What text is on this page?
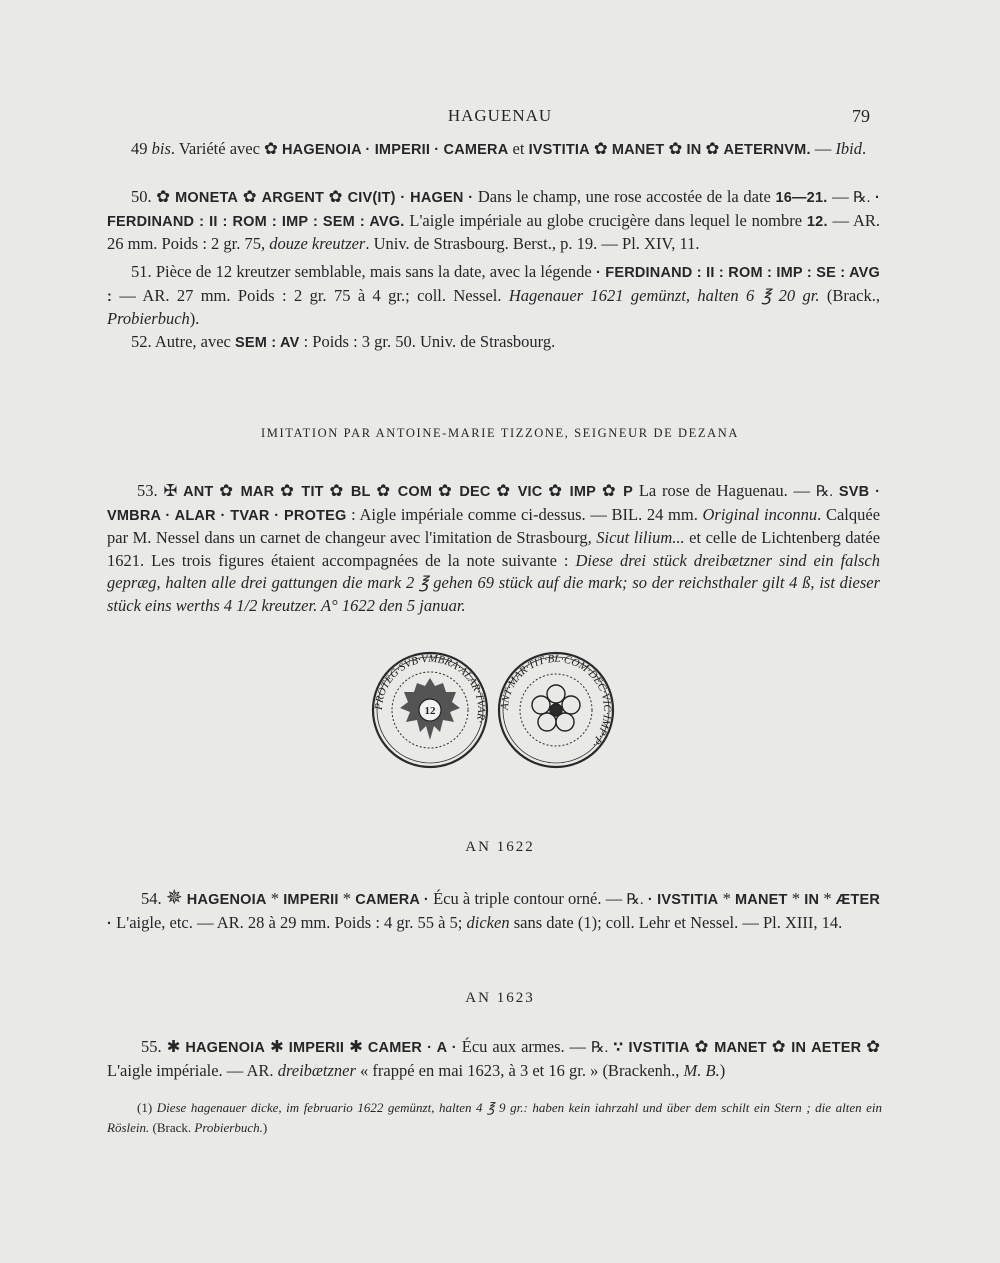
HAGUENAU	79
49 bis. Variété avec ✿ HAGENOIA · IMPERII · CAMERA et IVSTITIA ✿ MANET ✿ IN ✿ AETERNVM. — Ibid.
50. ✿ MONETA ✿ ARGENT ✿ CIV(IT) · HAGEN · Dans le champ, une rose accostée de la date 16—21. — ℞. · FERDINAND : II : ROM : IMP : SEM : AVG. L'aigle impériale au globe crucigère dans lequel le nombre 12. — AR. 26 mm. Poids : 2 gr. 75, douze kreutzer. Univ. de Strasbourg. Berst., p. 19. — Pl. XIV, 11.
51. Pièce de 12 kreutzer semblable, mais sans la date, avec la légende · FERDINAND : II : ROM : IMP : SE : AVG : — AR. 27 mm. Poids : 2 gr. 75 à 4 gr.; coll. Nessel. Hagenauer 1621 gemünzt, halten 6 ℥ 20 gr. (Brack., Probierbuch).
52. Autre, avec SEM : AV : Poids : 3 gr. 50. Univ. de Strasbourg.
IMITATION PAR ANTOINE-MARIE TIZZONE, SEIGNEUR DE DEZANA
53. ✠ ANT ✿ MAR ✿ TIT ✿ BL ✿ COM ✿ DEC ✿ VIC ✿ IMP ✿ P La rose de Haguenau. — ℞. SVB · VMBRA · ALAR · TVAR · PROTEG : Aigle impériale comme ci-dessus. — BIL. 24 mm. Original inconnu. Calquée par M. Nessel dans un carnet de changeur avec l'imitation de Strasbourg, Sicut lilium... et celle de Lichtenberg datée 1621. Les trois figures étaient accompagnées de la note suivante : Diese drei stück dreibætzner sind ein falsch gepræg, halten alle drei gattungen die mark 2 ℥ gehen 69 stück auf die mark; so der reichsthaler gilt 4 ß, ist dieser stück eins werths 4 1/2 kreutzer. A° 1622 den 5 januar.
PROTEG·SVB·VMBRA·ALAR·TVAR·
12	ANT·MAR·TIT·BL·COM·DEC·VIC·IMP·P·
AN 1622
54. ✵ HAGENOIA * IMPERII * CAMERA · Écu à triple contour orné. — ℞. · IVSTITIA * MANET * IN * ÆTER · L'aigle, etc. — AR. 28 à 29 mm. Poids : 4 gr. 55 à 5; dicken sans date (1); coll. Lehr et Nessel. — Pl. XIII, 14.
AN 1623
55. ✱ HAGENOIA ✱ IMPERII ✱ CAMER · A · Écu aux armes. — ℞. ∵ IVSTITIA ✿ MANET ✿ IN AETER ✿ L'aigle impériale. — AR. dreibætzner « frappé en mai 1623, à 3 et 16 gr. » (Brackenh., M. B.)
(1) Diese hagenauer dicke, im februario 1622 gemünzt, halten 4 ℥ 9 gr.: haben kein iahrzahl und über dem schilt ein Stern ; die alten ein Röslein. (Brack. Probierbuch.)
